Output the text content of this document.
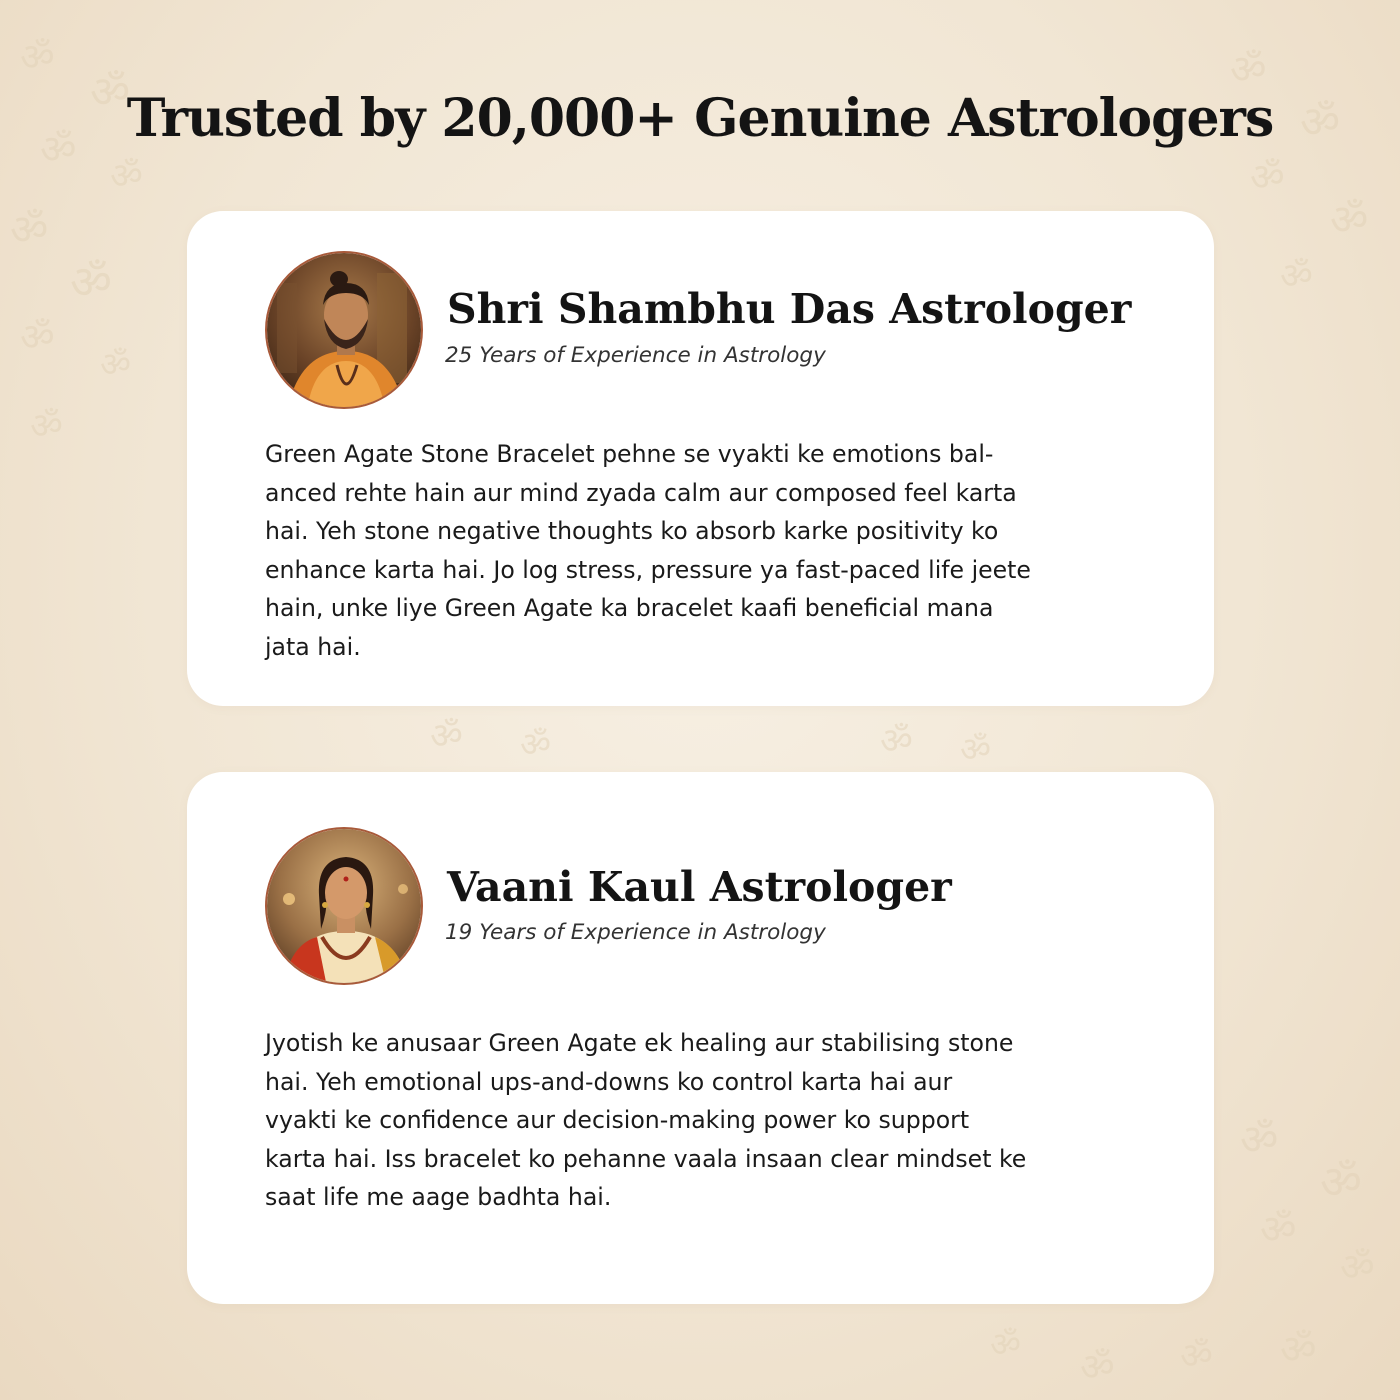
ॐ
ॐ
ॐ
ॐ
ॐ
ॐ
ॐ
ॐ
ॐ
ॐ
ॐ
ॐ
ॐ
ॐ
ॐ ॐ	ॐ ॐ
ॐ
ॐ
ॐ
ॐ
ॐ ॐ ॐ ॐ
Trusted by 20,000+ Genuine Astrologers
Shri Shambhu Das Astrologer
25 Years of Experience in Astrology

Green Agate Stone Bracelet pehne se vyakti ke emotions bal-
anced rehte hain aur mind zyada calm aur composed feel karta
hai. Yeh stone negative thoughts ko absorb karke positivity ko
enhance karta hai. Jo log stress, pressure ya fast-paced life jeete
hain, unke liye Green Agate ka bracelet kaafi beneficial mana
jata hai.

Vaani Kaul Astrologer
19 Years of Experience in Astrology

Jyotish ke anusaar Green Agate ek healing aur stabilising stone
hai. Yeh emotional ups-and-downs ko control karta hai aur
vyakti ke confidence aur decision-making power ko support
karta hai. Iss bracelet ko pehanne vaala insaan clear mindset ke
saat life me aage badhta hai.
